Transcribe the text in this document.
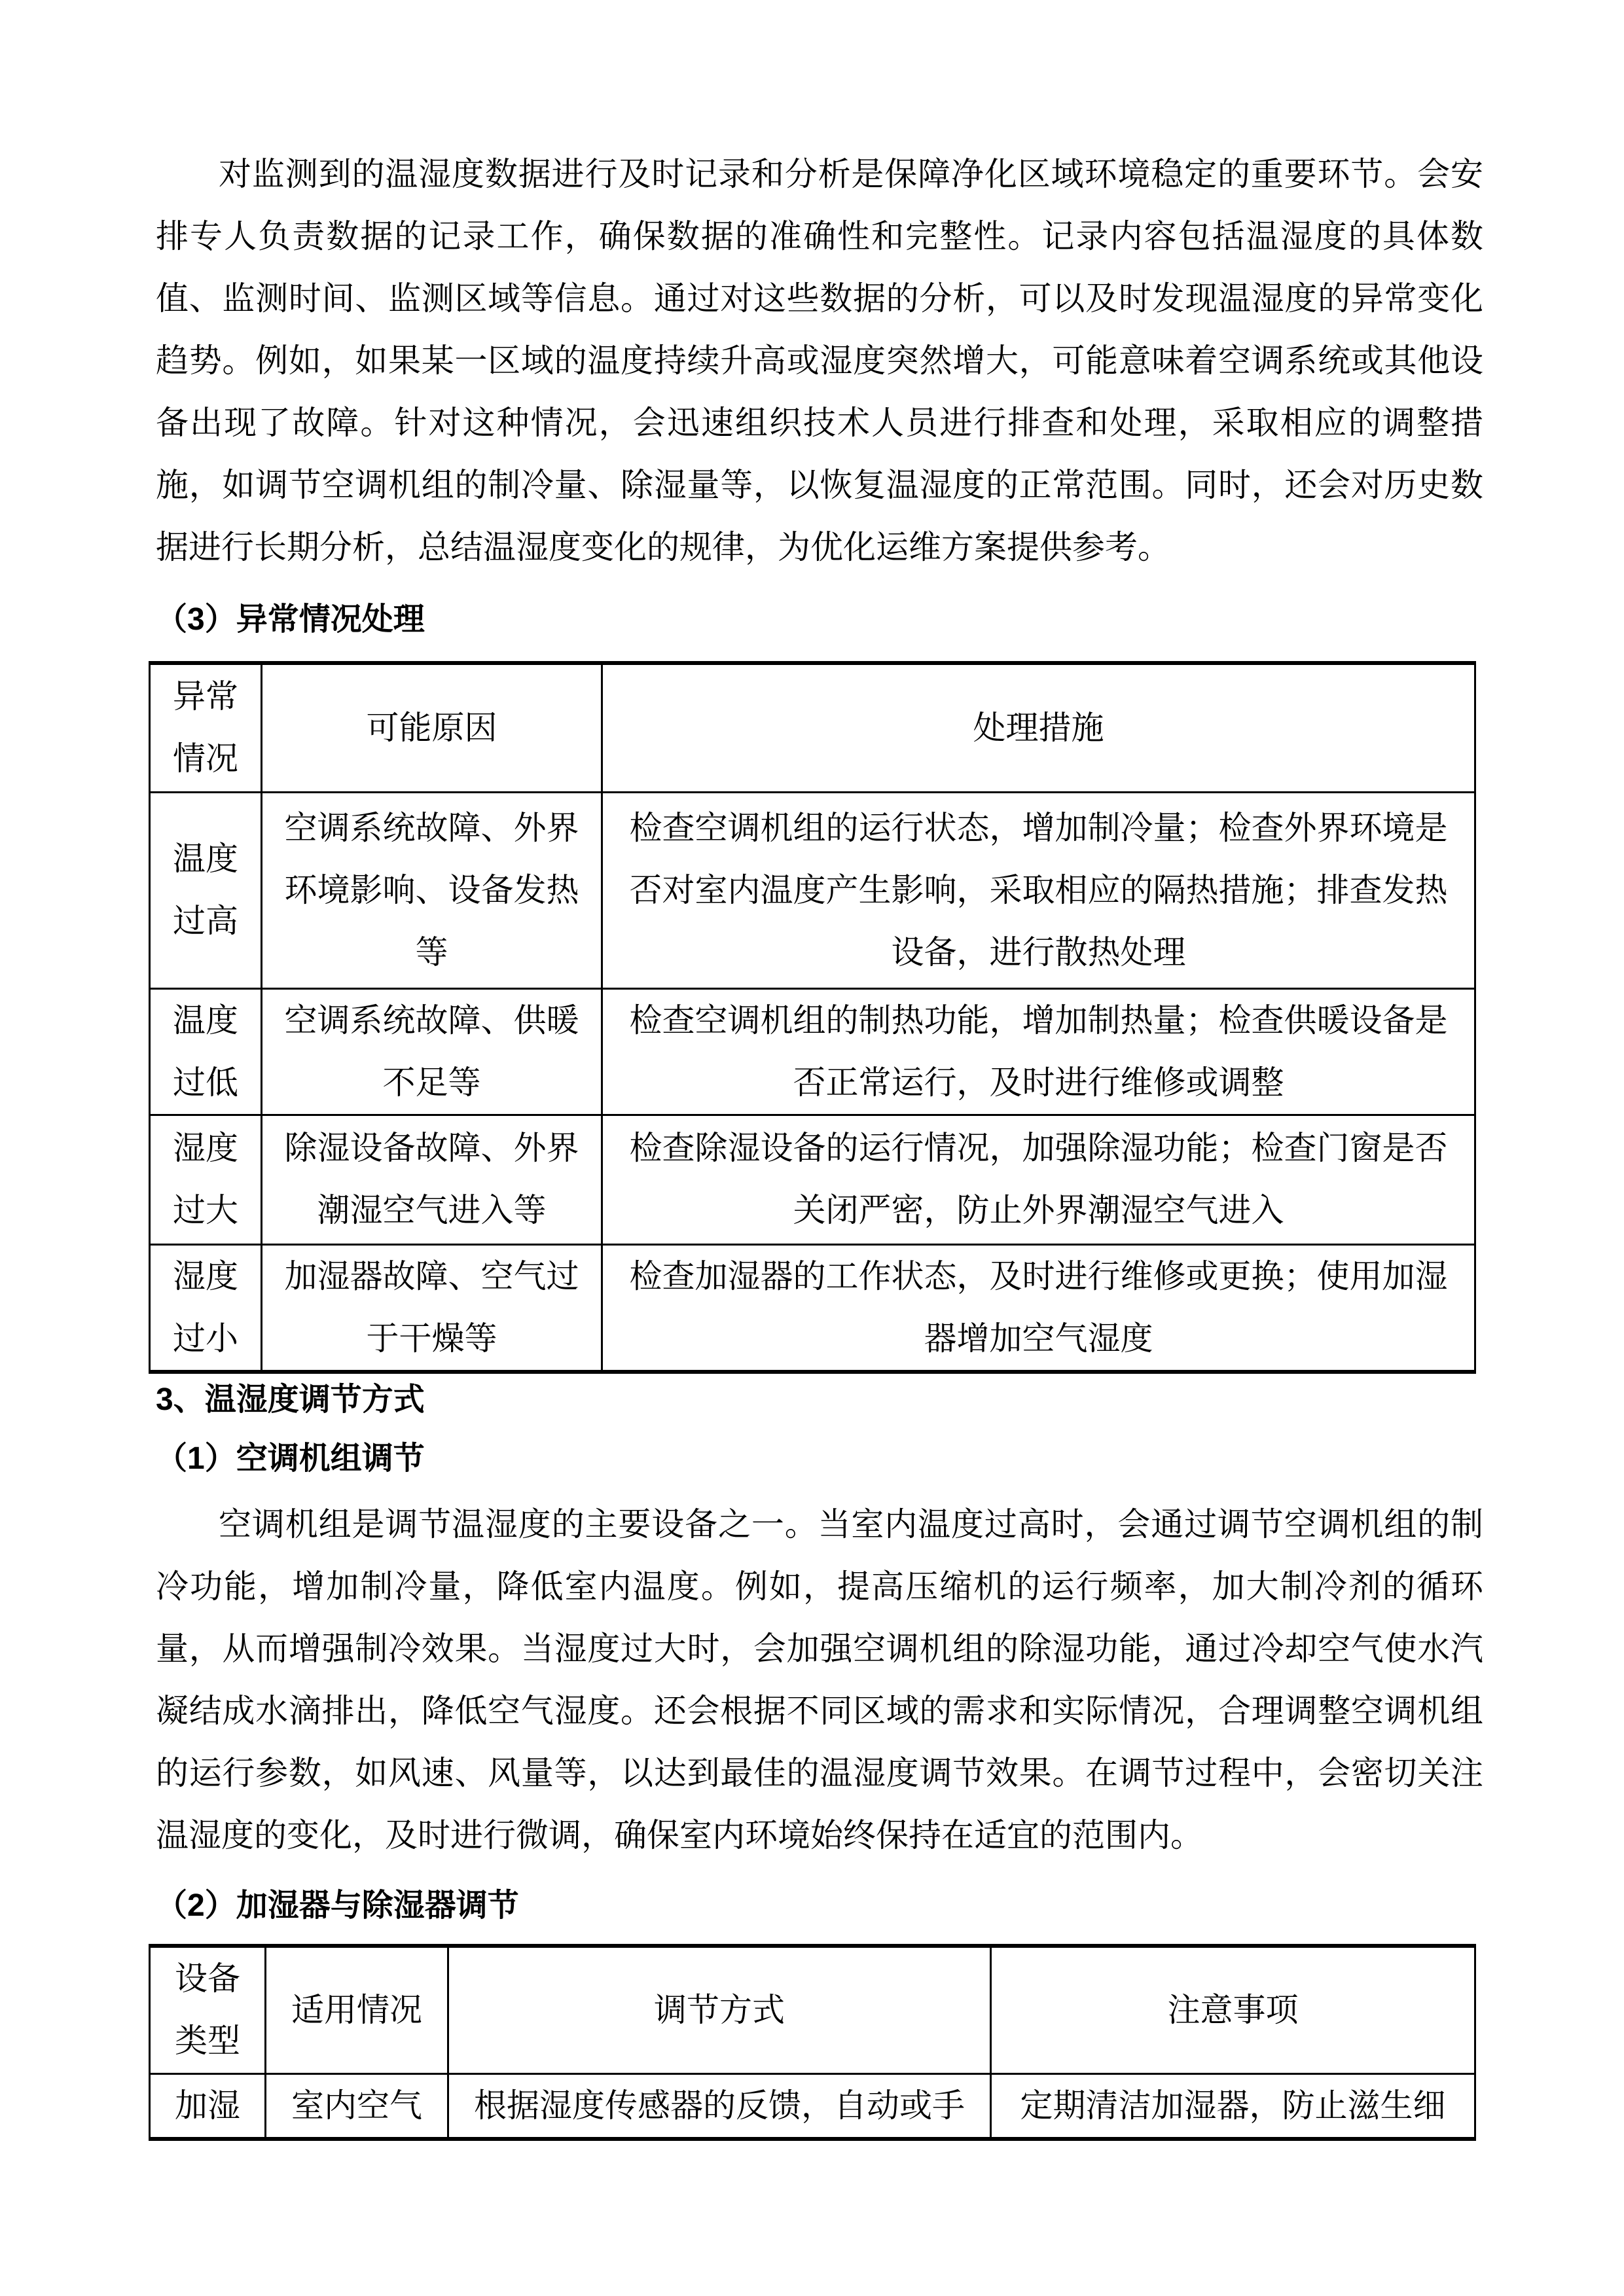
对监测到的温湿度数据进行及时记录和分析是保障净化区域环境稳定的重要环节。会安
排专人负责数据的记录工作，确保数据的准确性和完整性。记录内容包括温湿度的具体数
值、监测时间、监测区域等信息。通过对这些数据的分析，可以及时发现温湿度的异常变化
趋势。例如，如果某一区域的温度持续升高或湿度突然增大，可能意味着空调系统或其他设
备出现了故障。针对这种情况，会迅速组织技术人员进行排查和处理，采取相应的调整措
施，如调节空调机组的制冷量、除湿量等，以恢复温湿度的正常范围。同时，还会对历史数
据进行长期分析，总结温湿度变化的规律，为优化运维方案提供参考。
（3）异常情况处理
异常情况	可能原因	处理措施
温度过高	空调系统故障、外界环境影响、设备发热等	检查空调机组的运行状态，增加制冷量；检查外界环境是否对室内温度产生影响，采取相应的隔热措施；排查发热设备，进行散热处理
温度过低	空调系统故障、供暖不足等	检查空调机组的制热功能，增加制热量；检查供暖设备是否正常运行，及时进行维修或调整
湿度过大	除湿设备故障、外界潮湿空气进入等	检查除湿设备的运行情况，加强除湿功能；检查门窗是否关闭严密，防止外界潮湿空气进入
湿度过小	加湿器故障、空气过于干燥等	检查加湿器的工作状态，及时进行维修或更换；使用加湿器增加空气湿度
3、温湿度调节方式
（1）空调机组调节
空调机组是调节温湿度的主要设备之一。当室内温度过高时，会通过调节空调机组的制
冷功能，增加制冷量，降低室内温度。例如，提高压缩机的运行频率，加大制冷剂的循环
量，从而增强制冷效果。当湿度过大时，会加强空调机组的除湿功能，通过冷却空气使水汽
凝结成水滴排出，降低空气湿度。还会根据不同区域的需求和实际情况，合理调整空调机组
的运行参数，如风速、风量等，以达到最佳的温湿度调节效果。在调节过程中，会密切关注
温湿度的变化，及时进行微调，确保室内环境始终保持在适宜的范围内。
（2）加湿器与除湿器调节
设备类型	适用情况	调节方式	注意事项
加湿	室内空气	根据湿度传感器的反馈，自动或手	定期清洁加湿器，防止滋生细
